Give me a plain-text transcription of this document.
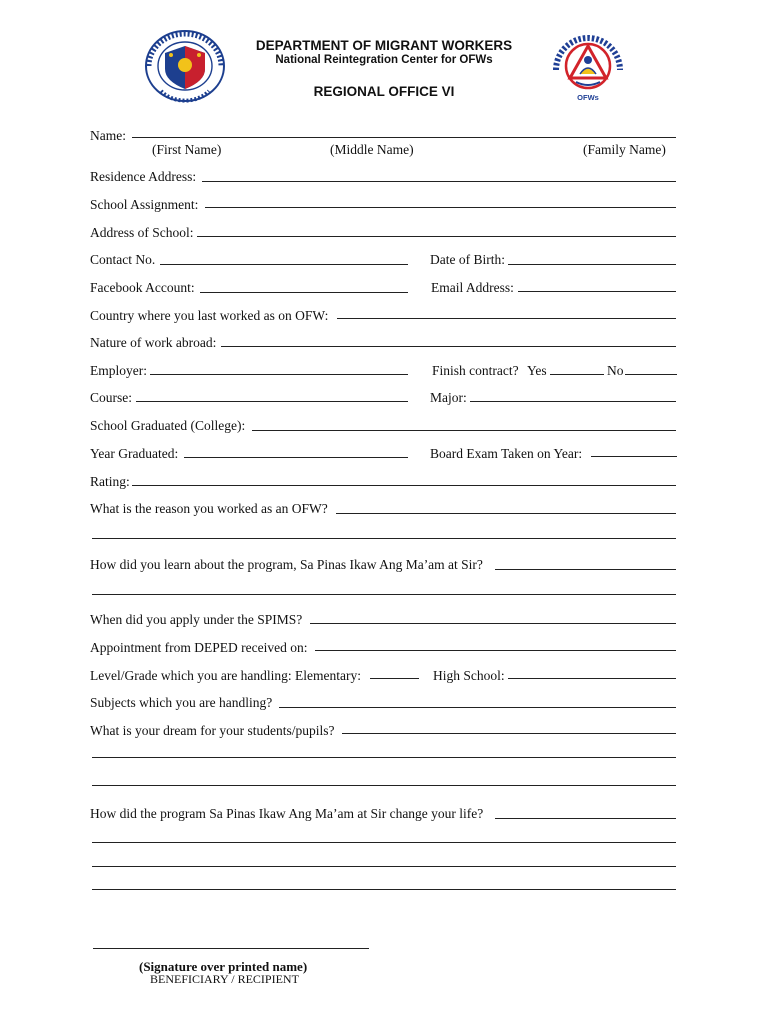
DEPARTMENT OF MIGRANT WORKERS
National Reintegration Center for OFWs
REGIONAL OFFICE VI	OFWs
Name:
(First Name)	(Middle Name)	(Family Name)
Residence Address:
School Assignment:
Address of School:
Contact No.	Date of Birth:
Facebook Account:	Email Address:
Country where you last worked as on OFW:
Nature of work abroad:
Employer:	Finish contract? Yes	No
Course:	Major:
School Graduated (College):
Year Graduated:	Board Exam Taken on Year:
Rating:
What is the reason you worked as an OFW?
How did you learn about the program, Sa Pinas Ikaw Ang Ma’am at Sir?
When did you apply under the SPIMS?
Appointment from DEPED received on:
Level/Grade which you are handling: Elementary:	High School:
Subjects which you are handling?
What is your dream for your students/pupils?
How did the program Sa Pinas Ikaw Ang Ma’am at Sir change your life?
(Signature over printed name)
BENEFICIARY / RECIPIENT
